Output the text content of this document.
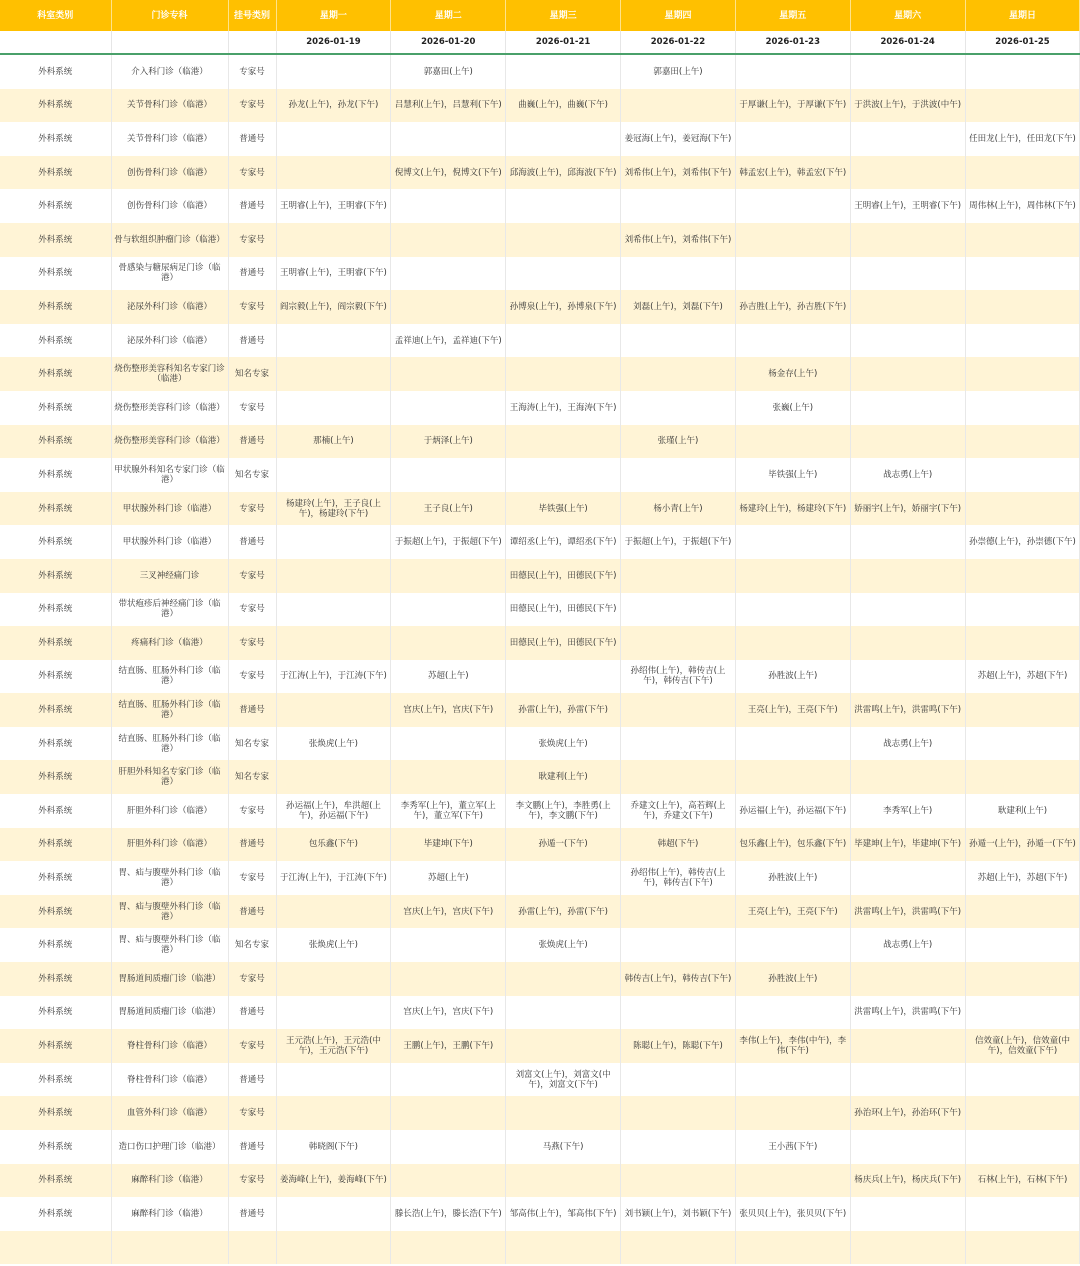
科室类别	门诊专科	挂号类别	星期一	星期二	星期三	星期四	星期五	星期六	星期日
			2026-01-19	2026-01-20	2026-01-21	2026-01-22	2026-01-23	2026-01-24	2026-01-25
外科系统	介入科门诊（临港）	专家号		郭嘉田(上午)		郭嘉田(上午)			
外科系统	关节骨科门诊（临港）	专家号	孙龙(上午)，孙龙(下午)	吕慧利(上午)，吕慧利(下午)	曲巍(上午)，曲巍(下午)		于厚谦(上午)，于厚谦(下午)	于洪波(上午)，于洪波(中午)	
外科系统	关节骨科门诊（临港）	普通号				姜冠海(上午)，姜冠海(下午)			任田龙(上午)，任田龙(下午)
外科系统	创伤骨科门诊（临港）	专家号		倪博文(上午)，倪博文(下午)	邱海波(上午)，邱海波(下午)	刘希伟(上午)，刘希伟(下午)	韩孟宏(上午)，韩孟宏(下午)		
外科系统	创伤骨科门诊（临港）	普通号	王明睿(上午)，王明睿(下午)					王明睿(上午)，王明睿(下午)	周伟林(上午)，周伟林(下午)
外科系统	骨与软组织肿瘤门诊（临港）	专家号				刘希伟(上午)，刘希伟(下午)			
外科系统	骨感染与糖尿病足门诊（临港）	普通号	王明睿(上午)，王明睿(下午)						
外科系统	泌尿外科门诊（临港）	专家号	阎宗毅(上午)，阎宗毅(下午)		孙博泉(上午)，孙博泉(下午)	刘磊(上午)，刘磊(下午)	孙吉胜(上午)，孙吉胜(下午)		
外科系统	泌尿外科门诊（临港）	普通号		孟祥迪(上午)，孟祥迪(下午)					
外科系统	烧伤整形美容科知名专家门诊（临港）	知名专家					杨金存(上午)		
外科系统	烧伤整形美容科门诊（临港）	专家号			王海涛(上午)，王海涛(下午)		张巍(上午)		
外科系统	烧伤整形美容科门诊（临港）	普通号	那楠(上午)	于炳泽(上午)		张瑾(上午)			
外科系统	甲状腺外科知名专家门诊（临港）	知名专家					毕铁强(上午)	战志勇(上午)	
外科系统	甲状腺外科门诊（临港）	专家号	杨建玲(上午)，王子良(上午)，杨建玲(下午)	王子良(上午)	毕铁强(上午)	杨小青(上午)	杨建玲(上午)，杨建玲(下午)	娇丽宇(上午)，娇丽宇(下午)	
外科系统	甲状腺外科门诊（临港）	普通号		于振超(上午)，于振超(下午)	谭绍丞(上午)，谭绍丞(下午)	于振超(上午)，于振超(下午)			孙崇德(上午)，孙崇德(下午)
外科系统	三叉神经痛门诊	专家号			田德民(上午)，田德民(下午)				
外科系统	带状疱疹后神经痛门诊（临港）	专家号			田德民(上午)，田德民(下午)				
外科系统	疼痛科门诊（临港）	专家号			田德民(上午)，田德民(下午)				
外科系统	结直肠、肛肠外科门诊（临港）	专家号	于江涛(上午)，于江涛(下午)	苏超(上午)		孙绍伟(上午)，韩传吉(上午)，韩传吉(下午)	孙胜波(上午)		苏超(上午)，苏超(下午)
外科系统	结直肠、肛肠外科门诊（临港）	普通号		宫庆(上午)，宫庆(下午)	孙雷(上午)，孙雷(下午)		王亮(上午)，王亮(下午)	洪雷鸣(上午)，洪雷鸣(下午)	
外科系统	结直肠、肛肠外科门诊（临港）	知名专家	张焕虎(上午)		张焕虎(上午)			战志勇(上午)	
外科系统	肝胆外科知名专家门诊（临港）	知名专家			耿建利(上午)				
外科系统	肝胆外科门诊（临港）	专家号	孙运福(上午)，牟洪超(上午)，孙运福(下午)	李秀军(上午)，董立军(上午)，董立军(下午)	李文鹏(上午)，李胜勇(上午)，李文鹏(下午)	乔建文(上午)，高若辉(上午)，乔建文(下午)	孙运福(上午)，孙运福(下午)	李秀军(上午)	耿建利(上午)
外科系统	肝胆外科门诊（临港）	普通号	包乐鑫(下午)	毕建坤(下午)	孙遁一(下午)	韩超(下午)	包乐鑫(上午)，包乐鑫(下午)	毕建坤(上午)，毕建坤(下午)	孙遁一(上午)，孙遁一(下午)
外科系统	胃、疝与腹壁外科门诊（临港）	专家号	于江涛(上午)，于江涛(下午)	苏超(上午)		孙绍伟(上午)，韩传吉(上午)，韩传吉(下午)	孙胜波(上午)		苏超(上午)，苏超(下午)
外科系统	胃、疝与腹壁外科门诊（临港）	普通号		宫庆(上午)，宫庆(下午)	孙雷(上午)，孙雷(下午)		王亮(上午)，王亮(下午)	洪雷鸣(上午)，洪雷鸣(下午)	
外科系统	胃、疝与腹壁外科门诊（临港）	知名专家	张焕虎(上午)		张焕虎(上午)			战志勇(上午)	
外科系统	胃肠道间质瘤门诊（临港）	专家号				韩传吉(上午)，韩传吉(下午)	孙胜波(上午)		
外科系统	胃肠道间质瘤门诊（临港）	普通号		宫庆(上午)，宫庆(下午)				洪雷鸣(上午)，洪雷鸣(下午)	
外科系统	脊柱骨科门诊（临港）	专家号	王元浩(上午)，王元浩(中午)，王元浩(下午)	王鹏(上午)，王鹏(下午)		陈聪(上午)，陈聪(下午)	李伟(上午)，李伟(中午)，李伟(下午)		信效童(上午)，信效童(中午)，信效童(下午)
外科系统	脊柱骨科门诊（临港）	普通号			刘富文(上午)，刘富文(中午)，刘富文(下午)				
外科系统	血管外科门诊（临港）	专家号						孙治环(上午)，孙治环(下午)	
外科系统	造口伤口护理门诊（临港）	普通号	韩晓阁(下午)		马燕(下午)		王小茜(下午)		
外科系统	麻醉科门诊（临港）	专家号	姜海峰(上午)，姜海峰(下午)					杨庆兵(上午)，杨庆兵(下午)	石林(上午)，石林(下午)
外科系统	麻醉科门诊（临港）	普通号		滕长浩(上午)，滕长浩(下午)	邹高伟(上午)，邹高伟(下午)	刘书颖(上午)，刘书颖(下午)	张贝贝(上午)，张贝贝(下午)		
